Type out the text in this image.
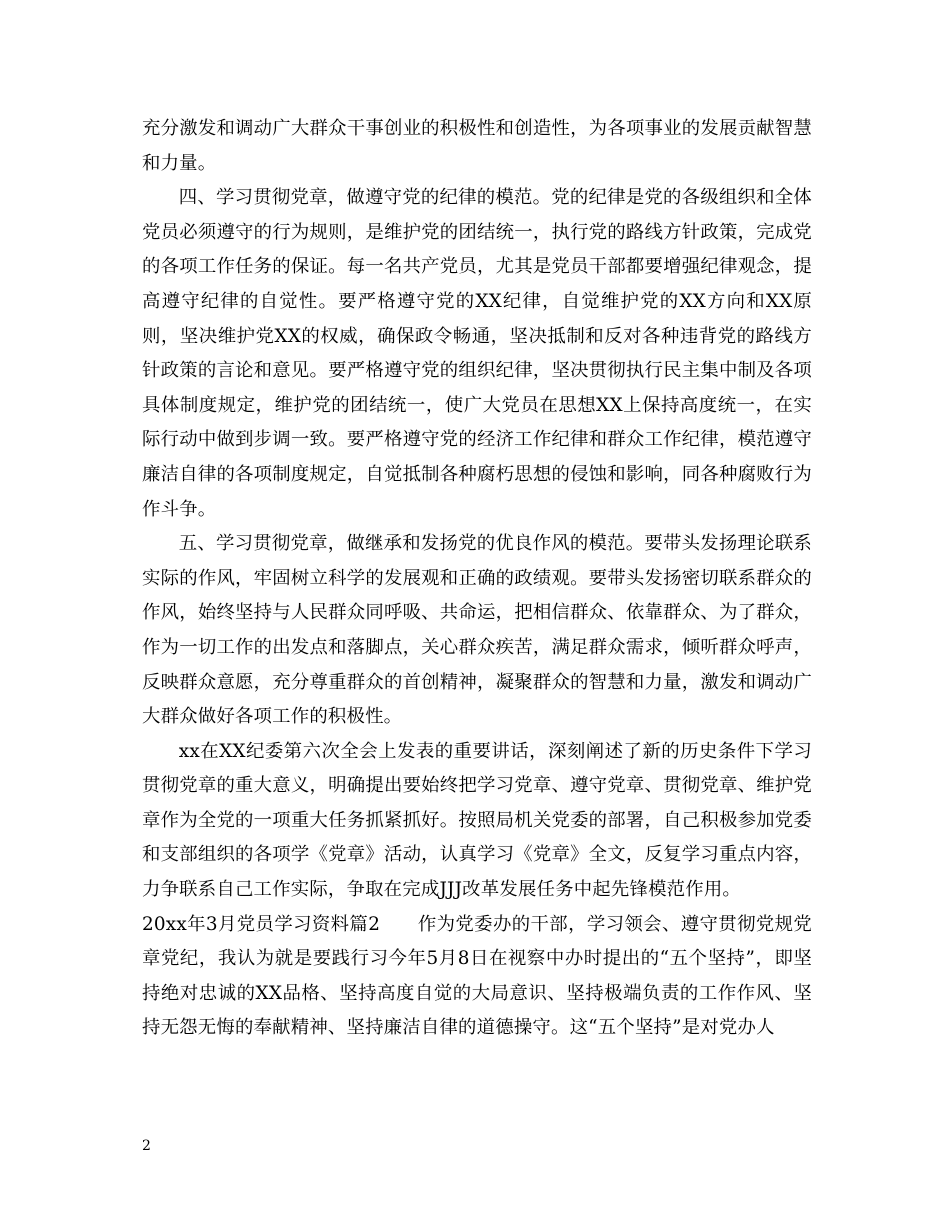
充分激发和调动广大群众干事创业的积极性和创造性，为各项事业的发展贡献智慧和力量。

四、学习贯彻党章，做遵守党的纪律的模范。党的纪律是党的各级组织和全体党员必须遵守的行为规则，是维护党的团结统一，执行党的路线方针政策，完成党的各项工作任务的保证。每一名共产党员，尤其是党员干部都要增强纪律观念，提高遵守纪律的自觉性。要严格遵守党的XX纪律，自觉维护党的XX方向和XX原则，坚决维护党XX的权威，确保政令畅通，坚决抵制和反对各种违背党的路线方针政策的言论和意见。要严格遵守党的组织纪律，坚决贯彻执行民主集中制及各项具体制度规定，维护党的团结统一，使广大党员在思想XX上保持高度统一，在实际行动中做到步调一致。要严格遵守党的经济工作纪律和群众工作纪律，模范遵守廉洁自律的各项制度规定，自觉抵制各种腐朽思想的侵蚀和影响，同各种腐败行为作斗争。

五、学习贯彻党章，做继承和发扬党的优良作风的模范。要带头发扬理论联系实际的作风，牢固树立科学的发展观和正确的政绩观。要带头发扬密切联系群众的作风，始终坚持与人民群众同呼吸、共命运，把相信群众、依靠群众、为了群众，作为一切工作的出发点和落脚点，关心群众疾苦，满足群众需求，倾听群众呼声，反映群众意愿，充分尊重群众的首创精神，凝聚群众的智慧和力量，激发和调动广大群众做好各项工作的积极性。

xx在XX纪委第六次全会上发表的重要讲话，深刻阐述了新的历史条件下学习贯彻党章的重大意义，明确提出要始终把学习党章、遵守党章、贯彻党章、维护党章作为全党的一项重大任务抓紧抓好。按照局机关党委的部署，自己积极参加党委和支部组织的各项学《党章》活动，认真学习《党章》全文，反复学习重点内容，力争联系自己工作实际，争取在完成JJJ改革发展任务中起先锋模范作用。

20xx年3月党员学习资料篇2　　作为党委办的干部，学习领会、遵守贯彻党规党章党纪，我认为就是要践行习今年5月8日在视察中办时提出的“五个坚持”，即坚持绝对忠诚的XX品格、坚持高度自觉的大局意识、坚持极端负责的工作作风、坚持无怨无悔的奉献精神、坚持廉洁自律的道德操守。这“五个坚持”是对党办人

2
